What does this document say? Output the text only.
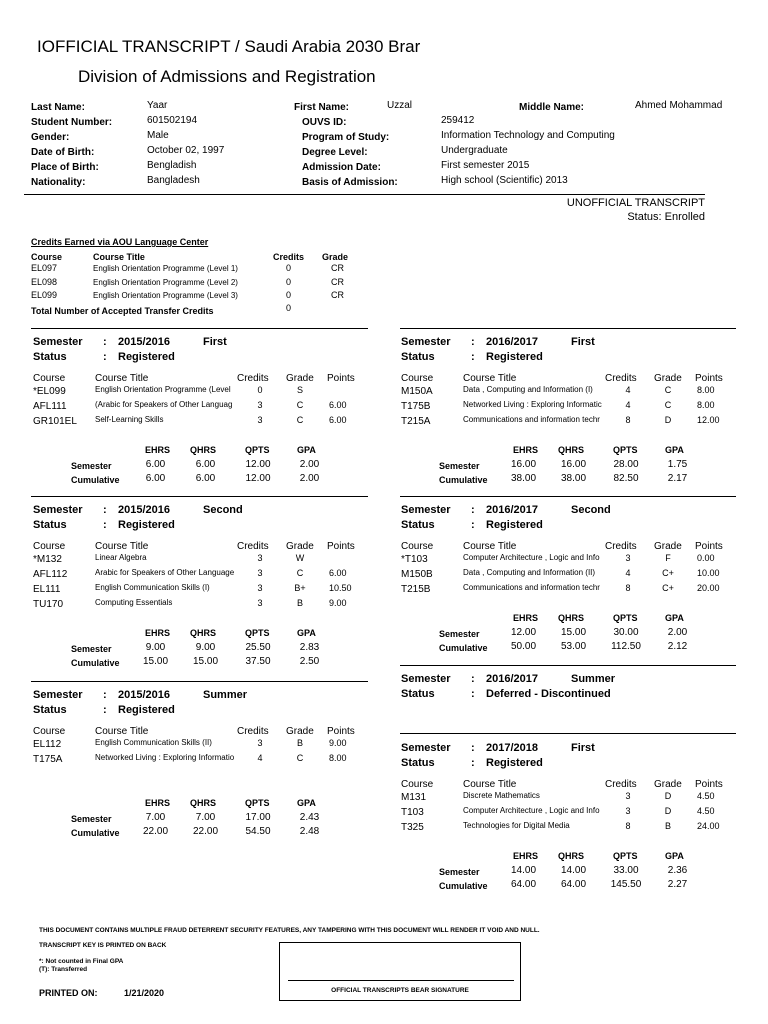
IOFFICIAL TRANSCRIPT / Saudi Arabia 2030 Brar
Division of Admissions and Registration
Last Name:	Yaar	First Name:	Uzzal	Middle Name:	Ahmed Mohammad
Student Number:	601502194	OUVS ID:	259412
Gender:	Male	Program of Study:	Information Technology and Computing
Date of Birth:	October 02, 1997	Degree Level:	Undergraduate
Place of Birth:	Bengladish	Admission Date:	First semester 2015
Nationality:	Bangladesh	Basis of Admission:	High school (Scientific) 2013
UNOFFICIAL TRANSCRIPT
Status: Enrolled
Credits Earned via AOU Language Center
Course	Course Title	Credits Grade
EL097	English Orientation Programme (Level 1)	0	CR
EL098	English Orientation Programme (Level 2)	0	CR
EL099	English Orientation Programme (Level 3)	0	CR
Total Number of Accepted Transfer Credits	0
Semester : 2015/2016	First
Status	: Registered
Course	Course Title	Credits Grade Points
*EL099	English Orientation Programme (Level	0	S
AFL111	(Arabic for Speakers of Other Languag	3	C	6.00
GR101EL Self-Learning Skills	3	C	6.00
EHRS QHRS	QPTS	GPA
Semester	6.00	6.00	12.00	2.00
Cumulative	6.00	6.00	12.00	2.00
Semester : 2015/2016	Second
Status	: Registered
Course	Course Title	Credits Grade Points
*M132	Linear Algebra	3	W
AFL112	Arabic for Speakers of Other Language	3	C	6.00
EL111	English Communication Skills (I)	3	B+	10.50
TU170	Computing Essentials	3	B	9.00
EHRS QHRS	QPTS	GPA
Semester	9.00	9.00	25.50	2.83
Cumulative	15.00	15.00	37.50	2.50
Semester : 2015/2016	Summer
Status	: Registered
Course	Course Title	Credits Grade Points
EL112	English Communication Skills (II)	3	B	9.00
T175A	Networked Living : Exploring Informatio	4	C	8.00
EHRS QHRS	QPTS	GPA
Semester	7.00	7.00	17.00	2.43
Cumulative	22.00	22.00	54.50	2.48
Semester : 2016/2017	First
Status	: Registered
Course	Course Title	Credits Grade Points
M150A	Data , Computing and Information (I)	4	C	8.00
T175B	Networked Living : Exploring Informatic	4	C	8.00
T215A	Communications and information techr	8	D	12.00
EHRS QHRS	QPTS	GPA
Semester	16.00	16.00	28.00	1.75
Cumulative	38.00	38.00	82.50	2.17
Semester : 2016/2017	Second
Status	: Registered
Course	Course Title	Credits Grade Points
*T103	Computer Architecture , Logic and Info	3	F	0.00
M150B	Data , Computing and Information (II)	4	C+	10.00
T215B	Communications and information techr	8	C+	20.00
EHRS QHRS	QPTS	GPA
Semester	12.00	15.00	30.00	2.00
Cumulative	50.00	53.00	112.50	2.12
Semester : 2016/2017	Summer
Status	: Deferred - Discontinued
Semester : 2017/2018	First
Status	: Registered
Course	Course Title	Credits Grade Points
M131	Discrete Mathematics	3	D	4.50
T103	Computer Architecture , Logic and Info	3	D	4.50
T325	Technologies for Digital Media	8	B	24.00
EHRS QHRS	QPTS	GPA
Semester	14.00	14.00	33.00	2.36
Cumulative	64.00	64.00	145.50	2.27
THIS DOCUMENT CONTAINS MULTIPLE FRAUD DETERRENT SECURITY FEATURES, ANY TAMPERING WITH THIS DOCUMENT WILL RENDER IT VOID AND NULL.
TRANSCRIPT KEY IS PRINTED ON BACK
*: Not counted in Final GPA
(T): Transferred
PRINTED ON:	1/21/2020	OFFICIAL TRANSCRIPTS BEAR SIGNATURE
